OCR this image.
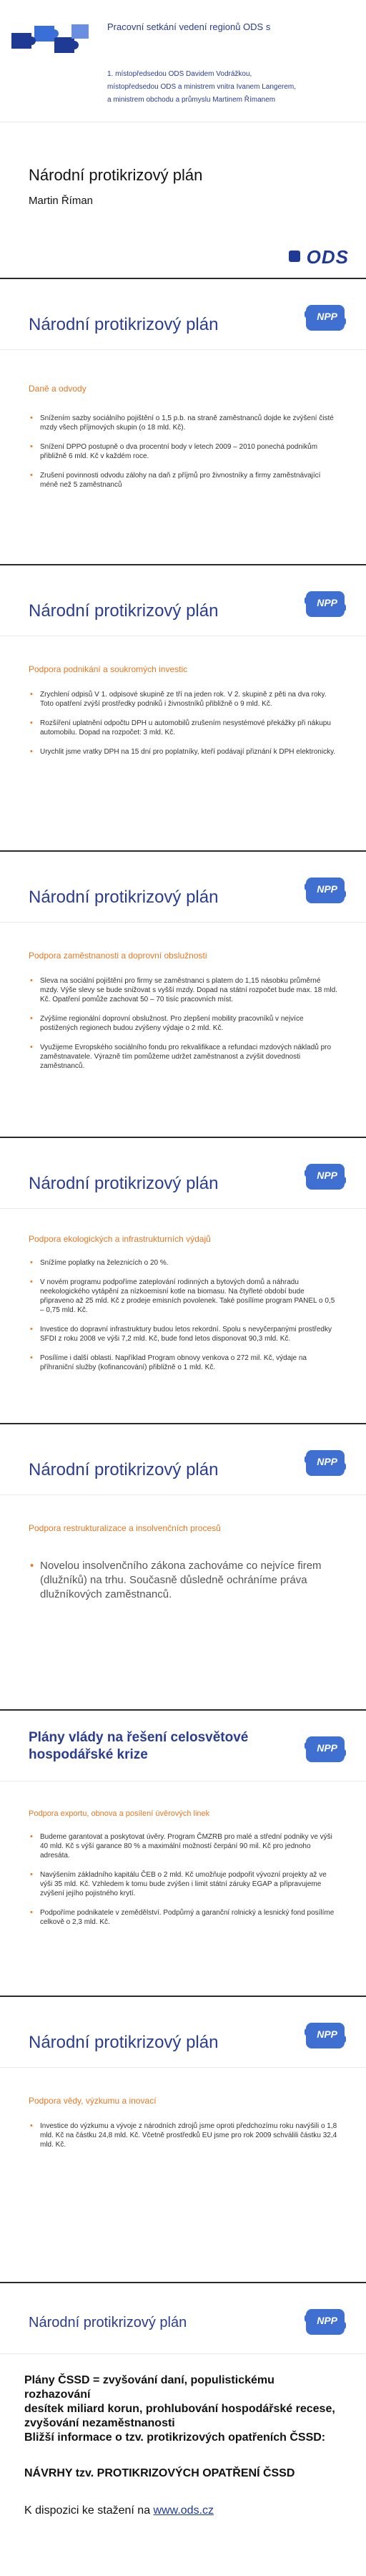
Pracovní setkání vedení regionů ODS s
1. místopředsedou ODS Davidem Vodrážkou,
místopředsedou ODS a ministrem vnitra Ivanem Langerem,
a ministrem obchodu a průmyslu Martinem Římanem
Národní protikrizový plán
Martin Říman
ODS
Národní protikrizový plán	NPP
Daně a odvody
• Snížením sazby sociálního pojištění o 1,5 p.b. na straně zaměstnanců dojde ke zvýšení čisté mzdy všech příjmových skupin (o 18 mld. Kč).
• Snížení DPPO postupně o dva procentní body v letech 2009 – 2010 ponechá podnikům přibližně 6 mld. Kč v každém roce.
• Zrušení povinnosti odvodu zálohy na daň z příjmů pro živnostníky a firmy zaměstnávající méně než 5 zaměstnanců
Národní protikrizový plán	NPP
Podpora podnikání a soukromých investic
• Zrychlení odpisů V 1. odpisové skupině ze tří na jeden rok. V 2. skupině z pěti na dva roky. Toto opatření zvýší prostředky podniků i živnostníků přibližně o 9 mld. Kč.
• Rozšíření uplatnění odpočtu DPH u automobilů zrušením nesystémové překážky při nákupu automobilu. Dopad na rozpočet: 3 mld. Kč.
• Urychlit jsme vratky DPH na 15 dní pro poplatníky, kteří podávají přiznání k DPH elektronicky.
Národní protikrizový plán	NPP
Podpora zaměstnanosti a doprovní obslužnosti
• Sleva na sociální pojištění pro firmy se zaměstnanci s platem do 1,15 násobku průměrné mzdy. Výše slevy se bude snižovat s vyšší mzdy. Dopad na státní rozpočet bude max. 18 mld. Kč. Opatření pomůže zachovat 50 – 70 tisíc pracovních míst.
• Zvýšíme regionální doprovní obslužnost. Pro zlepšení mobility pracovníků v nejvíce postižených regionech budou zvýšeny výdaje o 2 mld. Kč.
• Využijeme Evropského sociálního fondu pro rekvalifikace a refundaci mzdových nákladů pro zaměstnavatele. Výrazně tím pomůžeme udržet zaměstnanost a zvýšit dovednosti zaměstnanců.
Národní protikrizový plán	NPP
Podpora ekologických a infrastrukturních výdajů
• Snížíme poplatky na železnicích o 20 %.
• V novém programu podpoříme zateplování rodinných a bytových domů a náhradu neekologického vytápění za nízkoemisní kotle na biomasu. Na čtyřleté období bude připraveno až 25 mld. Kč z prodeje emisních povolenek. Také posílíme program PANEL o 0,5 – 0,75 mld. Kč.
• Investice do dopravní infrastruktury budou letos rekordní. Spolu s nevyčerpanými prostředky SFDI z roku 2008 ve výši 7,2 mld. Kč, bude fond letos disponovat 90,3 mld. Kč.
• Posílíme i další oblasti. Například Program obnovy venkova o 272 mil. Kč, výdaje na příhraniční služby (kofinancování) přibližně o 1 mld. Kč.
Národní protikrizový plán	NPP
Podpora restrukturalizace a insolvenčních procesů
• Novelou insolvenčního zákona zachováme co nejvíce firem (dlužníků) na trhu. Současně důsledně ochráníme práva dlužníkových zaměstnanců.
Plány vlády na řešení celosvětové hospodářské krize	NPP
Podpora exportu, obnova a posílení úvěrových linek
• Budeme garantovat a poskytovat úvěry. Program ČMZRB pro malé a střední podniky ve výši 40 mld. Kč s výší garance 80 % a maximální možností čerpání 90 mil. Kč pro jednoho adresáta.
• Navýšením základního kapitálu ČEB o 2 mld. Kč umožňuje podpořit vývozní projekty až ve výši 35 mld. Kč. Vzhledem k tomu bude zvýšen i limit státní záruky EGAP a připravujeme zvýšení jejího pojistného krytí.
• Podpoříme podnikatele v zemědělství. Podpůrný a garanční rolnický a lesnický fond posílíme celkově o 2,3 mld. Kč.
Národní protikrizový plán	NPP
Podpora vědy, výzkumu a inovací
• Investice do výzkumu a vývoje z národních zdrojů jsme oproti předchozímu roku navýšili o 1,8 mld. Kč na částku 24,8 mld. Kč. Včetně prostředků EU jsme pro rok 2009 schválili částku 32,4 mld. Kč.
Národní protikrizový plán	NPP
Plány ČSSD = zvyšování daní, populistickému rozhazování
desítek miliard korun, prohlubování hospodářské recese, zvyšování nezaměstnanosti
Bližší informace o tzv. protikrizových opatřeních ČSSD:
NÁVRHY tzv. PROTIKRIZOVÝCH OPATŘENÍ ČSSD
K dispozici ke stažení na www.ods.cz
